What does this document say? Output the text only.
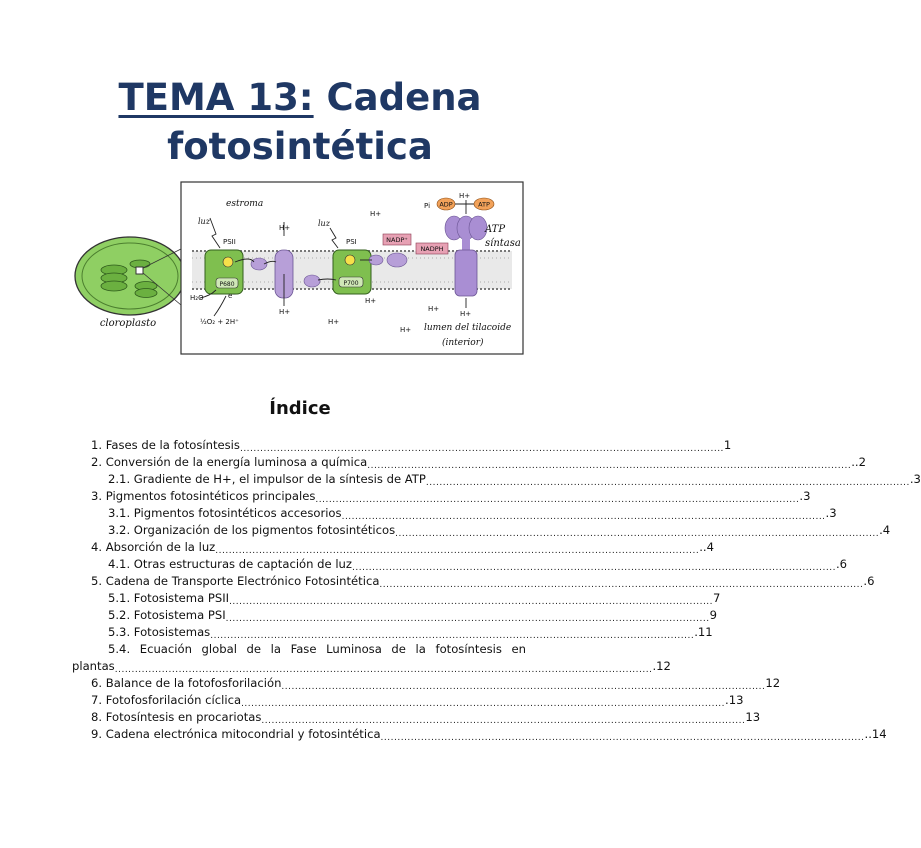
TEMA 13: Cadena
fotosintética
cloroplasto
P680
PSII
P700
PSI	NADP⁺
NADPH
ADP	ATP
Pi
ATP
síntasa
estroma
luz	luz
H+
H+
H+
H+
H+
H+
H+
H+
H+
H₂O	e⁻
½O₂ + 2H⁺
lumen del tilacoide
(interior)
Índice
1. Fases de la fotosíntesis ................................................................................................................................................ 1
2. Conversión de la energía luminosa a química ................................................................................................................................................ ..2
2.1. Gradiente de H+, el impulsor de la síntesis de ATP ................................................................................................................................................ .3
3. Pigmentos fotosintéticos principales ................................................................................................................................................ .3
3.1. Pigmentos fotosintéticos accesorios ................................................................................................................................................ .3
3.2. Organización de los pigmentos fotosintéticos ................................................................................................................................................ .4
4. Absorción de la luz ................................................................................................................................................ ..4
4.1. Otras estructuras de captación de luz ................................................................................................................................................ .6
5. Cadena de Transporte Electrónico Fotosintética ................................................................................................................................................ .6
5.1. Fotosistema PSII ................................................................................................................................................ 7
5.2. Fotosistema PSI ................................................................................................................................................ 9
5.3. Fotosistemas ................................................................................................................................................ .11
5.4. Ecuación global de la Fase Luminosa de la fotosíntesis en
plantas ................................................................................................................................................................ .12
6. Balance de la fotofosforilación ................................................................................................................................................ 12
7. Fotofosforilación cíclica ................................................................................................................................................ .13
8. Fotosíntesis en procariotas ................................................................................................................................................ 13
9. Cadena electrónica mitocondrial y fotosintética ................................................................................................................................................ ..14
